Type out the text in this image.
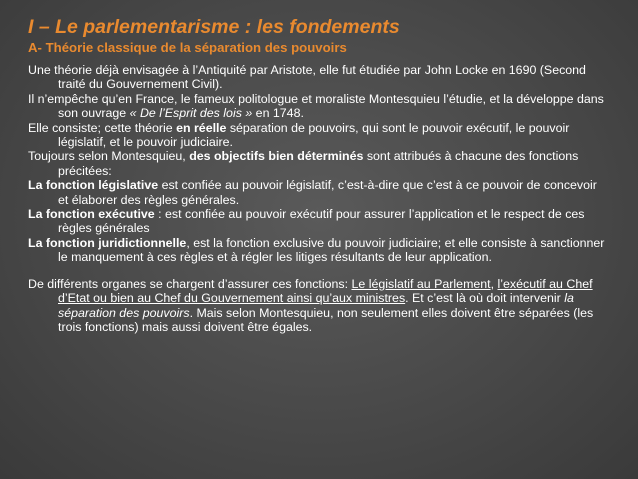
I – Le parlementarisme : les fondements
A- Théorie classique de la séparation des pouvoirs

Une théorie déjà envisagée à l’Antiquité par Aristote, elle fut étudiée par John Locke en 1690 (Second traité du Gouvernement Civil).

Il n’empêche qu’en France, le fameux politologue et moraliste Montesquieu l’étudie, et la développe dans son ouvrage « De l’Esprit des lois » en 1748.

Elle consiste; cette théorie en réelle séparation de pouvoirs, qui sont le pouvoir exécutif, le pouvoir législatif, et le pouvoir judiciaire.

Toujours selon Montesquieu, des objectifs bien déterminés sont attribués à chacune des fonctions précitées:

La fonction législative est confiée au pouvoir législatif, c’est-à-dire que c’est à ce pouvoir de concevoir et élaborer des règles générales.

La fonction exécutive : est confiée au pouvoir exécutif pour assurer l’application et le respect de ces règles générales

La fonction juridictionnelle, est la fonction exclusive du pouvoir judiciaire; et elle consiste à sanctionner le manquement à ces règles et à régler les litiges résultants de leur application.

De différents organes se chargent d’assurer ces fonctions: Le législatif au Parlement, l’exécutif au Chef d’Etat ou bien au Chef du Gouvernement ainsi qu’aux ministres. Et c’est là où doit intervenir la séparation des pouvoirs. Mais selon Montesquieu, non seulement elles doivent être séparées (les trois fonctions) mais aussi doivent être égales.
